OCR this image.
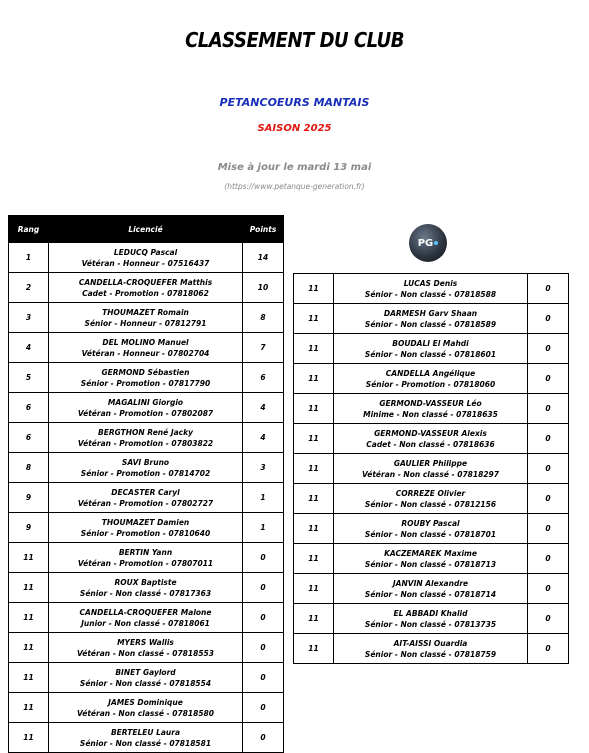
CLASSEMENT DU CLUB
PETANCOEURS MANTAIS
SAISON 2025
Mise à jour le mardi 13 mai
(https://www.petanque-generation.fr)
PG
Rang	Licencié	Points
1	LEDUCQ Pascal
Vétéran - Honneur - 07516437	14
2	CANDELLA-CROQUEFER Matthis
Cadet - Promotion - 07818062	10
3	THOUMAZET Romain
Sénior - Honneur - 07812791	8
4	DEL MOLINO Manuel
Vétéran - Honneur - 07802704	7
5	GERMOND Sébastien
Sénior - Promotion - 07817790	6
6	MAGALINI Giorgio
Vétéran - Promotion - 07802087	4
6	BERGTHON René Jacky
Vétéran - Promotion - 07803822	4
8	SAVI Bruno
Sénior - Promotion - 07814702	3
9	DECASTER Caryl
Vétéran - Promotion - 07802727	1
9	THOUMAZET Damien
Sénior - Promotion - 07810640	1
11	BERTIN Yann
Vétéran - Promotion - 07807011	0
11	ROUX Baptiste
Sénior - Non classé - 07817363	0
11	CANDELLA-CROQUEFER Malone
Junior - Non classé - 07818061	0
11	MYERS Wallis
Vétéran - Non classé - 07818553	0
11	BINET Gaylord
Sénior - Non classé - 07818554	0
11	JAMES Dominique
Vétéran - Non classé - 07818580	0
11	BERTELEU Laura
Sénior - Non classé - 07818581	0
11	LUCAS Denis
Sénior - Non classé - 07818588	0
11	DARMESH Garv Shaan
Sénior - Non classé - 07818589	0
11	BOUDALI El Mahdi
Sénior - Non classé - 07818601	0
11	CANDELLA Angélique
Sénior - Promotion - 07818060	0
11	GERMOND-VASSEUR Léo
Minime - Non classé - 07818635	0
11	GERMOND-VASSEUR Alexis
Cadet - Non classé - 07818636	0
11	GAULIER Philippe
Vétéran - Non classé - 07818297	0
11	CORREZE Olivier
Sénior - Non classé - 07812156	0
11	ROUBY Pascal
Sénior - Non classé - 07818701	0
11	KACZEMAREK Maxime
Sénior - Non classé - 07818713	0
11	JANVIN Alexandre
Sénior - Non classé - 07818714	0
11	EL ABBADI Khalid
Sénior - Non classé - 07813735	0
11	AIT-AISSI Ouardia
Sénior - Non classé - 07818759	0
